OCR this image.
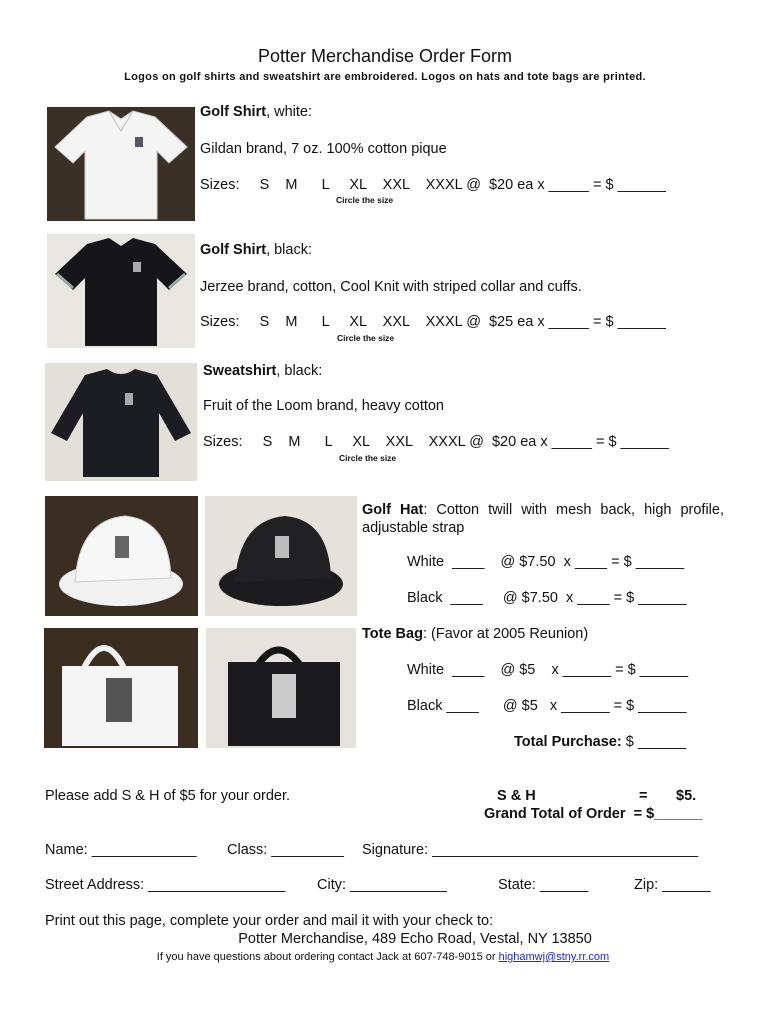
Potter Merchandise Order Form
Logos on golf shirts and sweatshirt are embroidered. Logos on hats and tote bags are printed.
Golf Shirt, white:
Gildan brand, 7 oz. 100% cotton pique
Sizes:     S    M      L     XL    XXL    XXXL @  $20 ea x _____ = $ ______
Circle the size
Golf Shirt, black:
Jerzee brand, cotton, Cool Knit with striped collar and cuffs.
Sizes:     S    M      L     XL    XXL    XXXL @  $25 ea x _____ = $ ______
Circle the size
Sweatshirt, black:
Fruit of the Loom brand, heavy cotton
Sizes:     S    M      L     XL    XXL    XXXL @  $20 ea x _____ = $ ______
Circle the size
Golf Hat: Cotton twill with mesh back, high profile, adjustable strap
White  ____    @ $7.50  x ____ = $ ______
Black  ____     @ $7.50  x ____ = $ ______
Tote Bag: (Favor at 2005 Reunion)
White  ____    @ $5    x ______ = $ ______
Black ____      @ $5   x ______ = $ ______
Total Purchase: $ ______
Please add S & H of $5 for your order.	S & H	= $5.
Grand Total of Order  = $______
Name: _____________ Class: _________ Signature: _________________________________
Street Address: _________________ City: ____________	State: ______	Zip: ______
Print out this page, complete your order and mail it with your check to:
Potter Merchandise, 489 Echo Road, Vestal, NY 13850
If you have questions about ordering contact Jack at 607-748-9015 or highamwj@stny.rr.com
